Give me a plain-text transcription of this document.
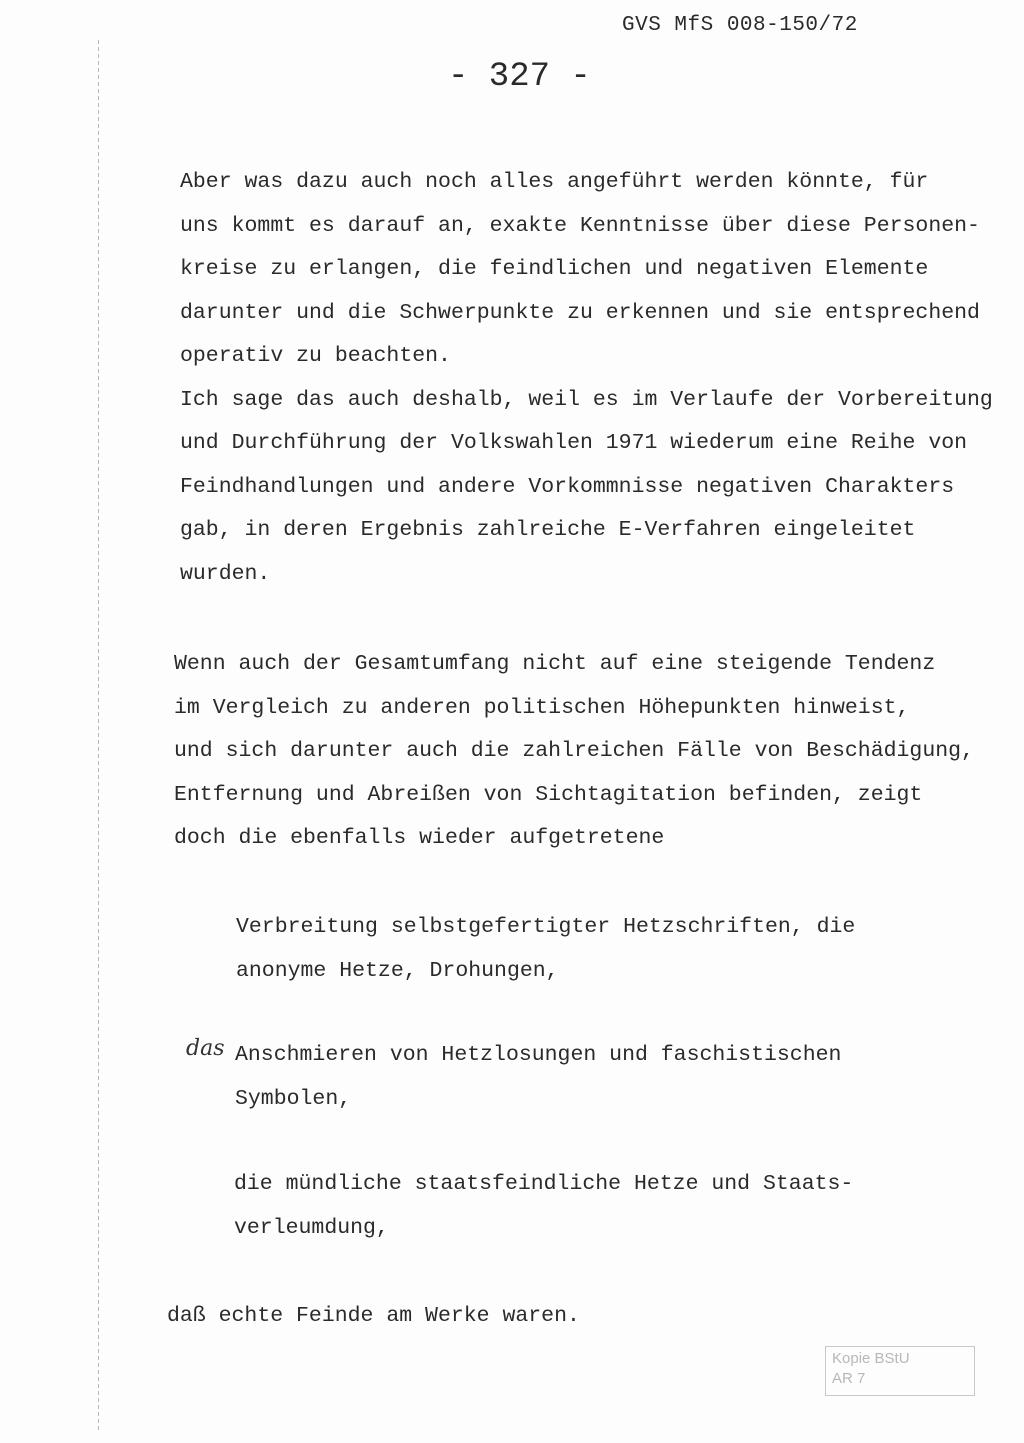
GVS MfS 008-150/72
- 327 -
Aber was dazu auch noch alles angeführt werden könnte, für
uns kommt es darauf an, exakte Kenntnisse über diese Personen-
kreise zu erlangen, die feindlichen und negativen Elemente
darunter und die Schwerpunkte zu erkennen und sie entsprechend
operativ zu beachten.
Ich sage das auch deshalb, weil es im Verlaufe der Vorbereitung
und Durchführung der Volkswahlen 1971 wiederum eine Reihe von
Feindhandlungen und andere Vorkommnisse negativen Charakters
gab, in deren Ergebnis zahlreiche E-Verfahren eingeleitet
wurden.
Wenn auch der Gesamtumfang nicht auf eine steigende Tendenz
im Vergleich zu anderen politischen Höhepunkten hinweist,
und sich darunter auch die zahlreichen Fälle von Beschädigung,
Entfernung und Abreißen von Sichtagitation befinden, zeigt
doch die ebenfalls wieder aufgetretene
Verbreitung selbstgefertigter Hetzschriften, die
anonyme Hetze, Drohungen,
das Anschmieren von Hetzlosungen und faschistischen
Symbolen,
die mündliche staatsfeindliche Hetze und Staats-
verleumdung,
daß echte Feinde am Werke waren.
Kopie BStU
AR 7
